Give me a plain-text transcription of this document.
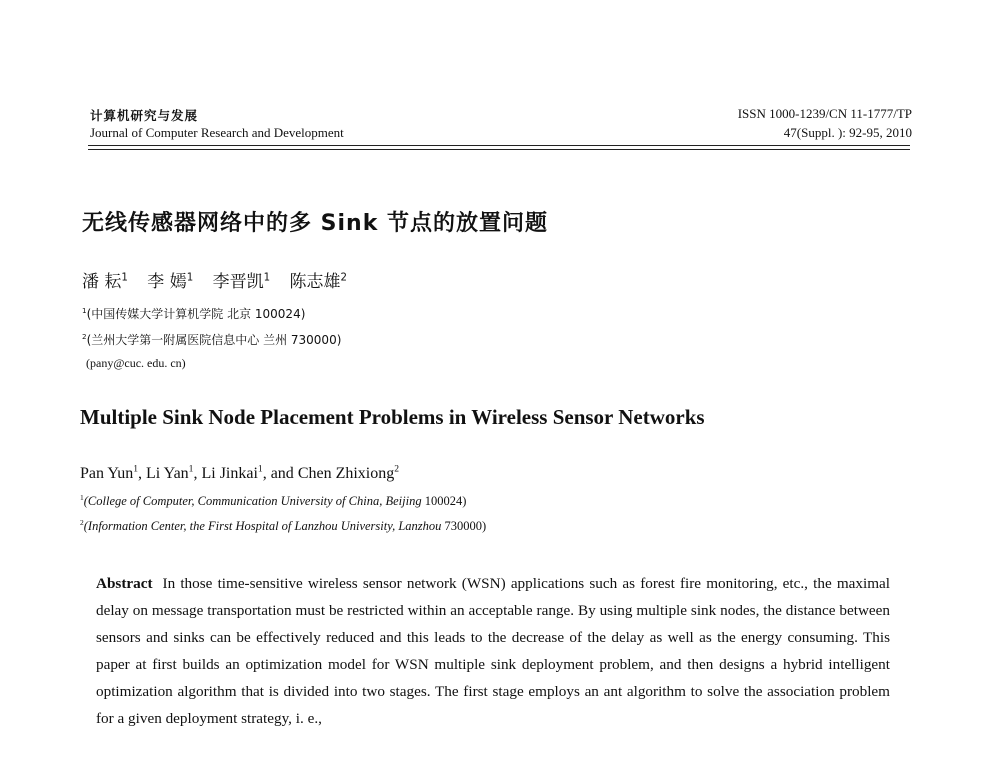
计算机研究与发展
Journal of Computer Research and Development
ISSN 1000-1239/CN 11-1777/TP
47(Suppl. ): 92-95, 2010
无线传感器网络中的多 Sink 节点的放置问题
潘 耘$^1$ 李 嫣$^1$ 李晋凯$^1$ 陈志雄$^2$
$^1$(中国传媒大学计算机学院 北京 100024)
$^2$(兰州大学第一附属医院信息中心 兰州 730000)
(pany@cuc. edu. cn)
Multiple Sink Node Placement Problems in Wireless Sensor Networks
Pan Yun$^1$, Li Yan$^1$, Li Jinkai$^1$, and Chen Zhixiong$^2$
$^1$(College of Computer, Communication University of China, Beijing 100024)
$^2$(Information Center, the First Hospital of Lanzhou University, Lanzhou 730000)
Abstract In those time-sensitive wireless sensor network (WSN) applications such as forest fire monitoring, etc., the maximal delay on message transportation must be restricted within an acceptable range. By using multiple sink nodes, the distance between sensors and sinks can be effectively reduced and this leads to the decrease of the delay as well as the energy consuming. This paper at first builds an optimization model for WSN multiple sink deployment problem, and then designs a hybrid intelligent optimization algorithm that is divided into two stages. The first stage employs an ant algorithm to solve the association problem for a given deployment strategy, i. e.,
